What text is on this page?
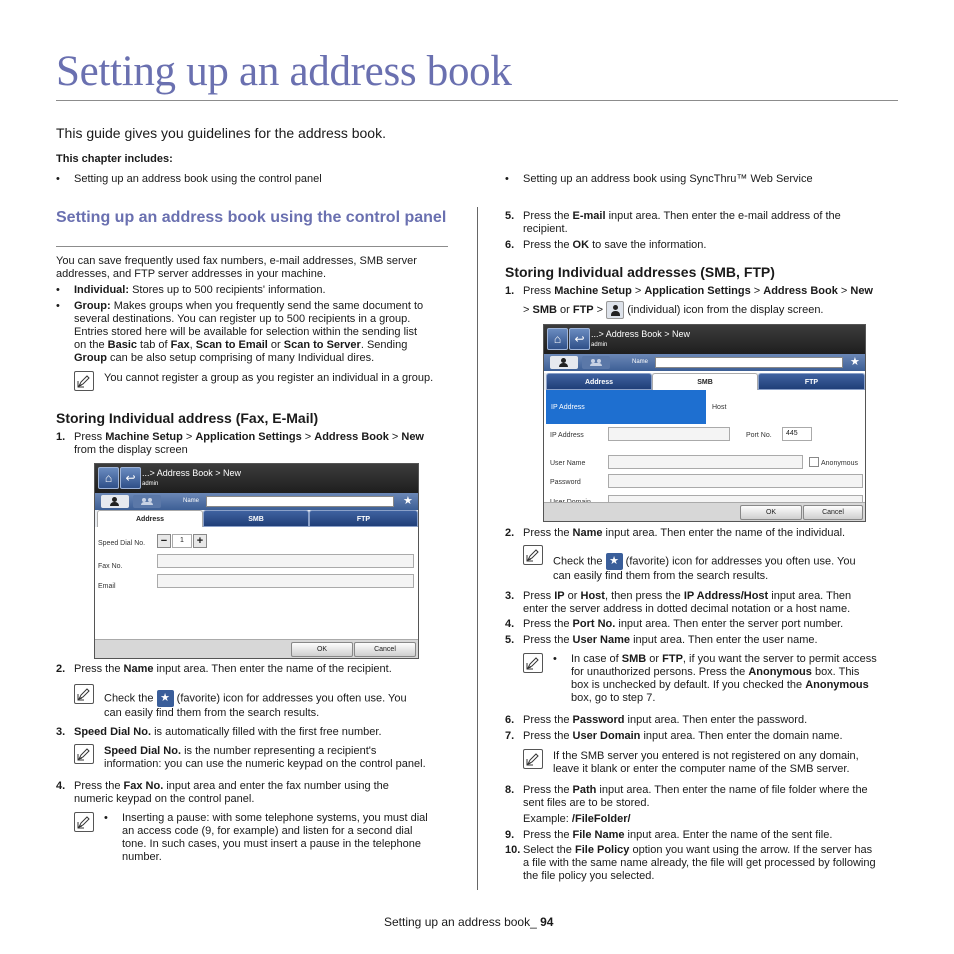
Setting up an address book
This guide gives you guidelines for the address book.
This chapter includes:
• Setting up an address book using the control panel	• Setting up an address book using SyncThru™ Web Service
Setting up an address book using the control panel
You can save frequently used fax numbers, e-mail addresses, SMB server addresses, and FTP server addresses in your machine.
• Individual: Stores up to 500 recipients' information.
• Group: Makes groups when you frequently send the same document to
several destinations. You can register up to 500 recipients in a group.
Entries stored here will be available for selection within the sending list
on the Basic tab of Fax, Scan to Email or Scan to Server. Sending
Group can be also setup comprising of many Individual dires.
You cannot register a group as you register an individual in a group.
Storing Individual address (Fax, E-Mail)
1. Press Machine Setup > Application Settings > Address Book > New
from the display screen
⌂	↩ ...> Address Book > New
admin
Name	★
Address	SMB	FTP
Speed Dial No.	−	1	+
Fax No.
Email
OK	Cancel
2. Press the Name input area. Then enter the name of the recipient.
Check the ★ (favorite) icon for addresses you often use. You
can easily find them from the search results.
3. Speed Dial No. is automatically filled with the first free number.
Speed Dial No. is the number representing a recipient's
information: you can use the numeric keypad on the control panel.
4. Press the Fax No. input area and enter the fax number using the
numeric keypad on the control panel.
• Inserting a pause: with some telephone systems, you must dial
an access code (9, for example) and listen for a second dial
tone. In such cases, you must insert a pause in the telephone
number.
5. Press the E-mail input area. Then enter the e-mail address of the
recipient.
6. Press the OK to save the information.
Storing Individual addresses (SMB, FTP)
1. Press Machine Setup > Application Settings > Address Book > New
> SMB or FTP > (individual) icon from the display screen.
⌂	↩ ...> Address Book > New
admin
Name	★
Address	SMB	FTP
IP Address	Host
IP Address	Port No.	445
User Name	Anonymous
Password
OK	Cancel
2. Press the Name input area. Then enter the name of the individual.
Check the ★ (favorite) icon for addresses you often use. You
can easily find them from the search results.
3. Press IP or Host, then press the IP Address/Host input area. Then
enter the server address in dotted decimal notation or a host name.
4. Press the Port No. input area. Then enter the server port number.
5. Press the User Name input area. Then enter the user name.
• In case of SMB or FTP, if you want the server to permit access
for unauthorized persons. Press the Anonymous box. This
box is unchecked by default. If you checked the Anonymous
box, go to step 7.
6. Press the Password input area. Then enter the password.
7. Press the User Domain input area. Then enter the domain name.
If the SMB server you entered is not registered on any domain,
leave it blank or enter the computer name of the SMB server.
8. Press the Path input area. Then enter the name of file folder where the
sent files are to be stored.
Example: /FileFolder/
9. Press the File Name input area. Enter the name of the sent file.
10. Select the File Policy option you want using the arrow. If the server has
a file with the same name already, the file will get processed by following
the file policy you selected.
Setting up an address book_ 94
